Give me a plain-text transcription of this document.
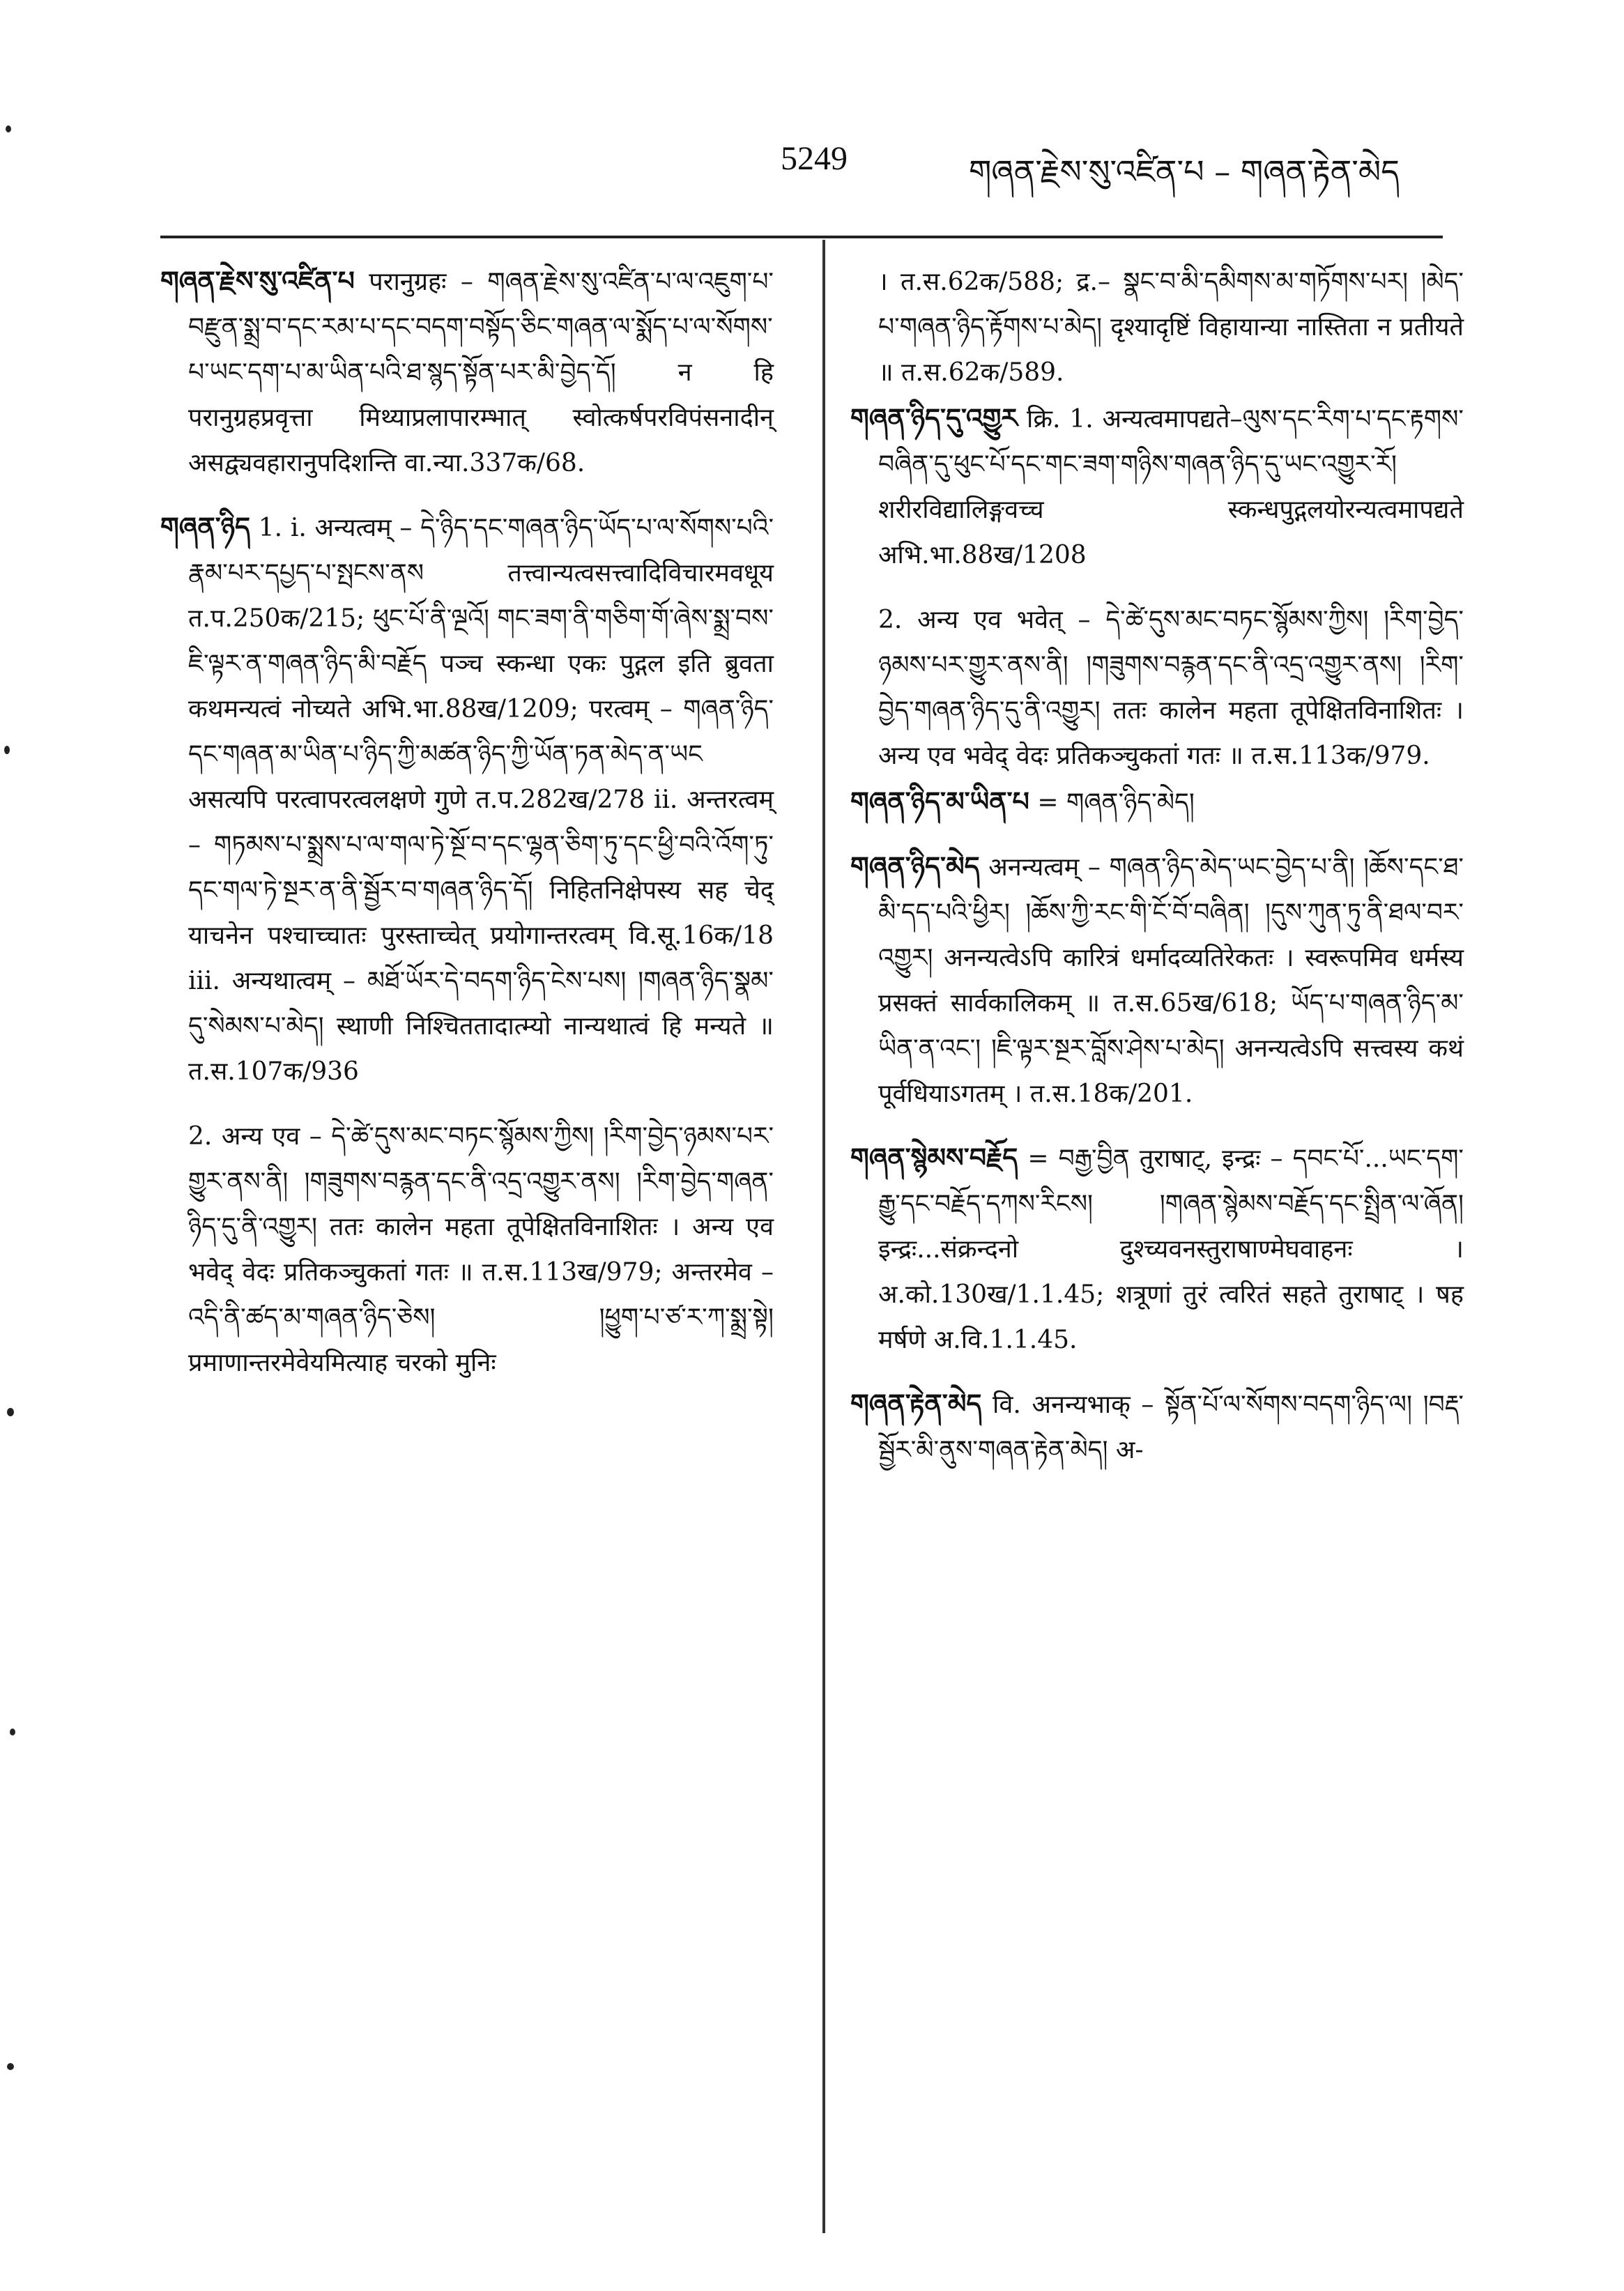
5249	གཞན་རྗེས་སུ་འཛིན་པ – གཞན་རྟེན་མེད

གཞན་རྗེས་སུ་འཛིན་པ परानुग्रहः – གཞན་རྗེས་སུ་འཛིན་པ་ལ་འཇུག་པ་བརྫུན་སྨྲ་བ་དང་རམ་པ་དང་བདག་བསྟོད་ཅིང་གཞན་ལ་སྨོད་པ་ལ་སོགས་པ་ཡང་དག་པ་མ་ཡིན་པའི་ཐ་སྙད་སྟོན་པར་མི་བྱེད་དོ། न हि परानुग्रहप्रवृत्ता मिथ्याप्रलापारम्भात् स्वोत्कर्षपरविपंसनादीन् असद्व्यवहारानुपदिशन्ति वा.न्या.337क/68.

གཞན་ཉིད 1. i. अन्यत्वम् – དེ་ཉིད་དང་གཞན་ཉིད་ཡོད་པ་ལ་སོགས་པའི་རྣམ་པར་དཔྱད་པ་སྤངས་ནས तत्त्वान्यत्वसत्त्वादिविचारमवधूय त.प.250क/215; ཕུང་པོ་ནི་ལྔའོ། གང་ཟག་ནི་གཅིག་གོ་ཞེས་སྨྲ་བས་ཇི་ལྟར་ན་གཞན་ཉིད་མི་བརྗོད पञ्च स्कन्धा एकः पुद्गल इति ब्रुवता कथमन्यत्वं नोच्यते अभि.भा.88ख/1209; परत्वम् – གཞན་ཉིད་དང་གཞན་མ་ཡིན་པ་ཉིད་ཀྱི་མཚན་ཉིད་ཀྱི་ཡོན་ཏན་མེད་ན་ཡང असत्यपि परत्वापरत्वलक्षणे गुणे त.प.282ख/278 ii. अन्तरत्वम् – གཏམས་པ་སྨྲས་པ་ལ་གལ་ཏེ་སྔོ་བ་དང་ལྷན་ཅིག་ཏུ་དང་ཕྱི་བའི་འོག་ཏུ་དང་གལ་ཏེ་སྔར་ན་ནི་སྦྱོར་བ་གཞན་ཉིད་དོ། निहितनिक्षेपस्य सह चेद् याचनेन पश्चाच्चातः पुरस्ताच्चेत् प्रयोगान्तरत्वम् वि.सू.16क/18 iii. अन्यथात्वम् – མཐོ་ཡོར་དེ་བདག་ཉིད་ངེས་པས། །གཞན་ཉིད་སྣམ་དུ་སེམས་པ་མེད། स्थाणी निश्चिततादात्म्यो नान्यथात्वं हि मन्यते ॥ त.स.107क/936

2. अन्य एव – དེ་ཚེ་དུས་མང་བཏང་སྙོམས་ཀྱིས། །རིག་བྱེད་ཉམས་པར་གྱུར་ནས་ནི། །གཟུགས་བརྙན་དང་ནི་འདྲ་འགྱུར་ནས། །རིག་བྱེད་གཞན་ཉིད་དུ་ནི་འགྱུར། ततः कालेन महता तूपेक्षितविनाशितः । अन्य एव भवेद् वेदः प्रतिकञ्चुकतां गतः ॥ त.स.113ख/979; अन्तरमेव – འདི་ནི་ཚད་མ་གཞན་ཉིད་ཅེས། །ཕྱུག་པ་ཙ་ར་ཀ་སྨྲ་སྟེ། प्रमाणान्तरमेवेयमित्याह चरको मुनिः

। त.स.62क/588; द्र.– སྣང་བ་མི་དམིགས་མ་གཏོགས་པར། །མེད་པ་གཞན་ཉིད་རྟོགས་པ་མེད། दृश्यादृष्टिं विहायान्या नास्तिता न प्रतीयते ॥ त.स.62क/589.

གཞན་ཉིད་དུ་འགྱུར क्रि. 1. अन्यत्वमापद्यते–ལུས་དང་རིག་པ་དང་རྟགས་བཞིན་དུ་ཕུང་པོ་དང་གང་ཟག་གཉིས་གཞན་ཉིད་དུ་ཡང་འགྱུར་རོ། शरीरविद्यालिङ्गवच्च स्कन्धपुद्गलयोरन्यत्वमापद्यते अभि.भा.88ख/1208

2. अन्य एव भवेत् – དེ་ཚེ་དུས་མང་བཏང་སྙོམས་ཀྱིས། །རིག་བྱེད་ཉམས་པར་གྱུར་ནས་ནི། །གཟུགས་བརྙན་དང་ནི་འདྲ་འགྱུར་ནས། །རིག་བྱེད་གཞན་ཉིད་དུ་ནི་འགྱུར། ततः कालेन महता तूपेक्षितविनाशितः । अन्य एव भवेद् वेदः प्रतिकञ्चुकतां गतः ॥ त.स.113क/979.

གཞན་ཉིད་མ་ཡིན་པ = གཞན་ཉིད་མེད།

གཞན་ཉིད་མེད अनन्यत्वम् – གཞན་ཉིད་མེད་ཡང་བྱེད་པ་ནི། །ཆོས་དང་ཐ་མི་དད་པའི་ཕྱིར། །ཆོས་ཀྱི་རང་གི་ངོ་བོ་བཞིན། །དུས་ཀུན་ཏུ་ནི་ཐལ་བར་འགྱུར། अनन्यत्वेऽपि कारित्रं धर्मादव्यतिरेकतः । स्वरूपमिव धर्मस्य प्रसक्तं सार्वकालिकम् ॥ त.स.65ख/618; ཡོད་པ་གཞན་ཉིད་མ་ཡིན་ན་འང་། །ཇི་ལྟར་སྔར་བློས་ཤེས་པ་མེད། अनन्यत्वेऽपि सत्त्वस्य कथं पूर्वधियाऽगतम् । त.स.18क/201.

གཞན་སྙེམས་བརྗོད = བརྒྱ་བྱིན तुराषाट्, इन्द्रः – དབང་པོ་...ཡང་དག་རྒྱུ་དང་བརྗོད་དཀས་རིངས། །གཞན་སྙེམས་བརྗོད་དང་སྤྲིན་ལ་ཞོན། इन्द्रः...संक्रन्दनो दुश्च्यवनस्तुराषाण्मेघवाहनः । अ.को.130ख/1.1.45; शत्रूणां तुरं त्वरितं सहते तुराषाट् । षह मर्षणे अ.वि.1.1.45.

གཞན་རྟེན་མེད वि. अनन्यभाक् – སྟོན་པོ་ལ་སོགས་བདག་ཉིད་ལ། །བརྡ་སྦྱོར་མི་ནུས་གཞན་རྟེན་མེད། अ-
